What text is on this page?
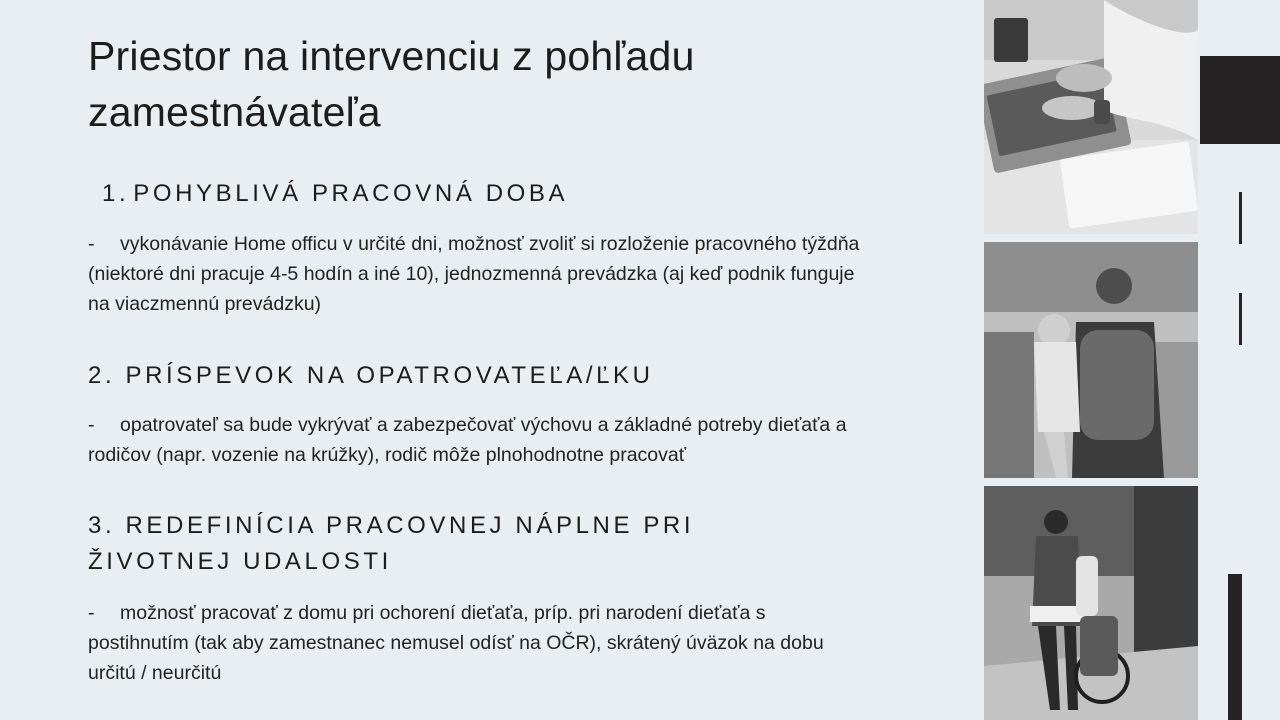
Priestor na intervenciu z pohľadu
zamestnávateľa
1. POHYBLIVÁ PRACOVNÁ DOBA

- vykonávanie Home officu v určité dni, možnosť zvoliť si rozloženie pracovného týždňa (niektoré dni pracuje 4-5 hodín a iné 10), jednozmenná prevádzka (aj keď podnik funguje na viaczmennú prevádzku)

2. PRÍSPEVOK NA OPATROVATEĽA/ĽKU

- opatrovateľ sa bude vykrývať a zabezpečovať výchovu a základné potreby dieťaťa a rodičov (napr. vozenie na krúžky), rodič môže plnohodnotne pracovať

3. REDEFINÍCIA PRACOVNEJ NÁPLNE PRI ŽIVOTNEJ UDALOSTI

- možnosť pracovať z domu pri ochorení dieťaťa, príp. pri narodení dieťaťa s postihnutím (tak aby zamestnanec nemusel odísť na OČR), skrátený úväzok na dobu určitú / neurčitú
